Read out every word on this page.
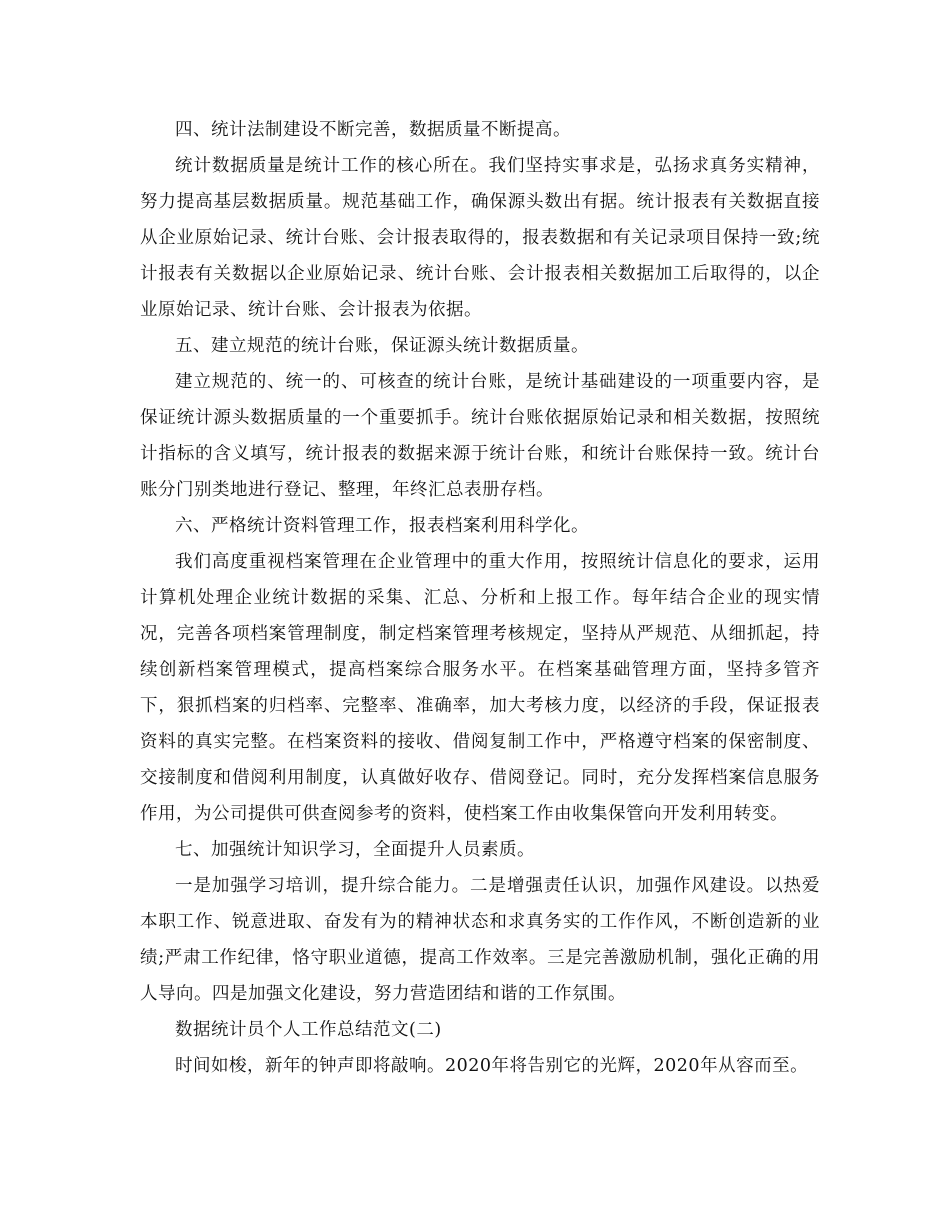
四、统计法制建设不断完善，数据质量不断提高。

统计数据质量是统计工作的核心所在。我们坚持实事求是，弘扬求真务实精神，努力提高基层数据质量。规范基础工作，确保源头数出有据。统计报表有关数据直接从企业原始记录、统计台账、会计报表取得的，报表数据和有关记录项目保持一致;统计报表有关数据以企业原始记录、统计台账、会计报表相关数据加工后取得的，以企业原始记录、统计台账、会计报表为依据。

五、建立规范的统计台账，保证源头统计数据质量。

建立规范的、统一的、可核查的统计台账，是统计基础建设的一项重要内容，是保证统计源头数据质量的一个重要抓手。统计台账依据原始记录和相关数据，按照统计指标的含义填写，统计报表的数据来源于统计台账，和统计台账保持一致。统计台账分门别类地进行登记、整理，年终汇总表册存档。

六、严格统计资料管理工作，报表档案利用科学化。

我们高度重视档案管理在企业管理中的重大作用，按照统计信息化的要求，运用计算机处理企业统计数据的采集、汇总、分析和上报工作。每年结合企业的现实情况，完善各项档案管理制度，制定档案管理考核规定，坚持从严规范、从细抓起，持续创新档案管理模式，提高档案综合服务水平。在档案基础管理方面，坚持多管齐下，狠抓档案的归档率、完整率、准确率，加大考核力度，以经济的手段，保证报表资料的真实完整。在档案资料的接收、借阅复制工作中，严格遵守档案的保密制度、交接制度和借阅利用制度，认真做好收存、借阅登记。同时，充分发挥档案信息服务作用，为公司提供可供查阅参考的资料，使档案工作由收集保管向开发利用转变。

七、加强统计知识学习，全面提升人员素质。

一是加强学习培训，提升综合能力。二是增强责任认识，加强作风建设。以热爱本职工作、锐意进取、奋发有为的精神状态和求真务实的工作作风，不断创造新的业绩;严肃工作纪律，恪守职业道德，提高工作效率。三是完善激励机制，强化正确的用人导向。四是加强文化建设，努力营造团结和谐的工作氛围。

数据统计员个人工作总结范文(二)

时间如梭，新年的钟声即将敲响。2020年将告别它的光辉，2020年从容而至。
